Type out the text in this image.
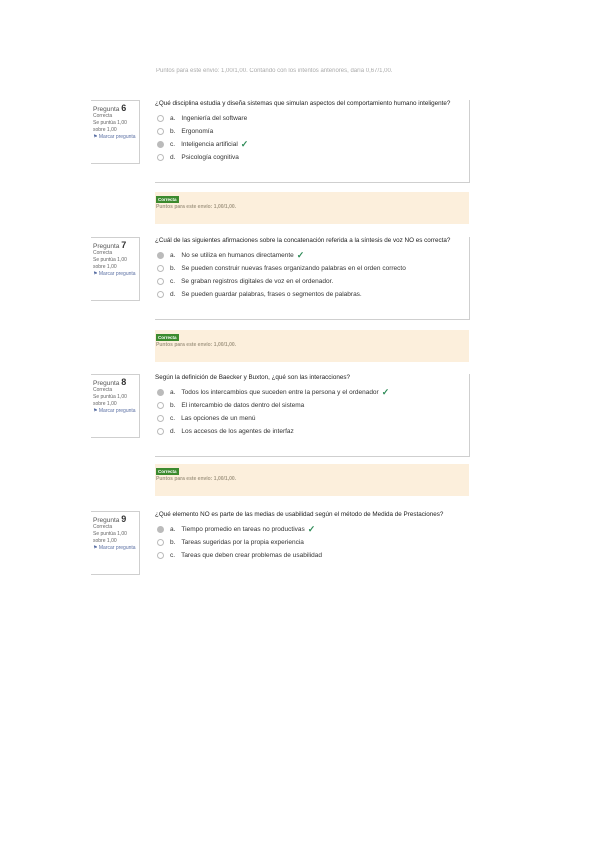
Puntos para este envío: 1,00/1,00. Contando con los intentos anteriores, daría 0,67/1,00.
Pregunta 6
Correcta
Se puntúa 1,00 sobre 1,00
⚑ Marcar pregunta
¿Qué disciplina estudia y diseña sistemas que simulan aspectos del comportamiento humano inteligente?
a. Ingeniería del software
b. Ergonomía
c. Inteligencia artificial ✓
d. Psicología cognitiva
Correcta
Puntos para este envío: 1,00/1,00.
Pregunta 7
Correcta
Se puntúa 1,00 sobre 1,00
⚑ Marcar pregunta
¿Cuál de las siguientes afirmaciones sobre la concatenación referida a la síntesis de voz NO es correcta?
a. No se utiliza en humanos directamente ✓
b. Se pueden construir nuevas frases organizando palabras en el orden correcto
c. Se graban registros digitales de voz en el ordenador.
d. Se pueden guardar palabras, frases o segmentos de palabras.
Correcta
Puntos para este envío: 1,00/1,00.
Pregunta 8
Correcta
Se puntúa 1,00 sobre 1,00
⚑ Marcar pregunta
Según la definición de Baecker y Buxton, ¿qué son las interacciones?
a. Todos los intercambios que suceden entre la persona y el ordenador ✓
b. El intercambio de datos dentro del sistema
c. Las opciones de un menú
d. Los accesos de los agentes de interfaz
Correcta
Puntos para este envío: 1,00/1,00.
Pregunta 9
Correcta
Se puntúa 1,00 sobre 1,00
⚑ Marcar pregunta
¿Qué elemento NO es parte de las medias de usabilidad según el método de Medida de Prestaciones?
a. Tiempo promedio en tareas no productivas ✓
b. Tareas sugeridas por la propia experiencia
c. Tareas que deben crear problemas de usabilidad
